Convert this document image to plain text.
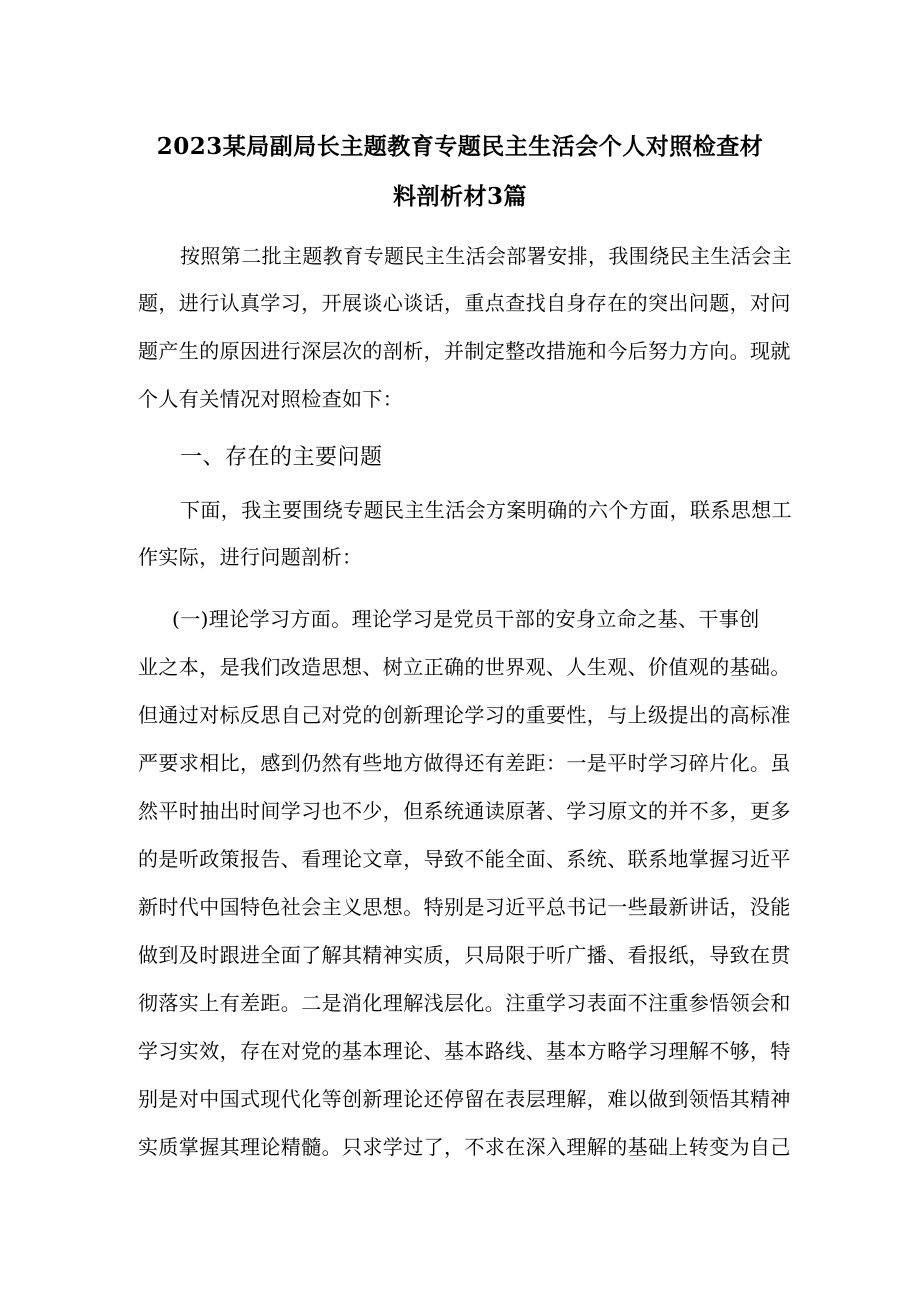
2023某局副局长主题教育专题民主生活会个人对照检查材
料剖析材3篇
按照第二批主题教育专题民主生活会部署安排，我围绕民主生活会主
题，进行认真学习，开展谈心谈话，重点查找自身存在的突出问题，对问
题产生的原因进行深层次的剖析，并制定整改措施和今后努力方向。现就
个人有关情况对照检查如下：
一、存在的主要问题
下面，我主要围绕专题民主生活会方案明确的六个方面，联系思想工
作实际，进行问题剖析：
(一)理论学习方面。理论学习是党员干部的安身立命之基、干事创
业之本，是我们改造思想、树立正确的世界观、人生观、价值观的基础。
但通过对标反思自己对党的创新理论学习的重要性，与上级提出的高标准
严要求相比，感到仍然有些地方做得还有差距：一是平时学习碎片化。虽
然平时抽出时间学习也不少，但系统通读原著、学习原文的并不多，更多
的是听政策报告、看理论文章，导致不能全面、系统、联系地掌握习近平
新时代中国特色社会主义思想。特别是习近平总书记一些最新讲话，没能
做到及时跟进全面了解其精神实质，只局限于听广播、看报纸，导致在贯
彻落实上有差距。二是消化理解浅层化。注重学习表面不注重参悟领会和
学习实效，存在对党的基本理论、基本路线、基本方略学习理解不够，特
别是对中国式现代化等创新理论还停留在表层理解，难以做到领悟其精神
实质掌握其理论精髓。只求学过了，不求在深入理解的基础上转变为自己
